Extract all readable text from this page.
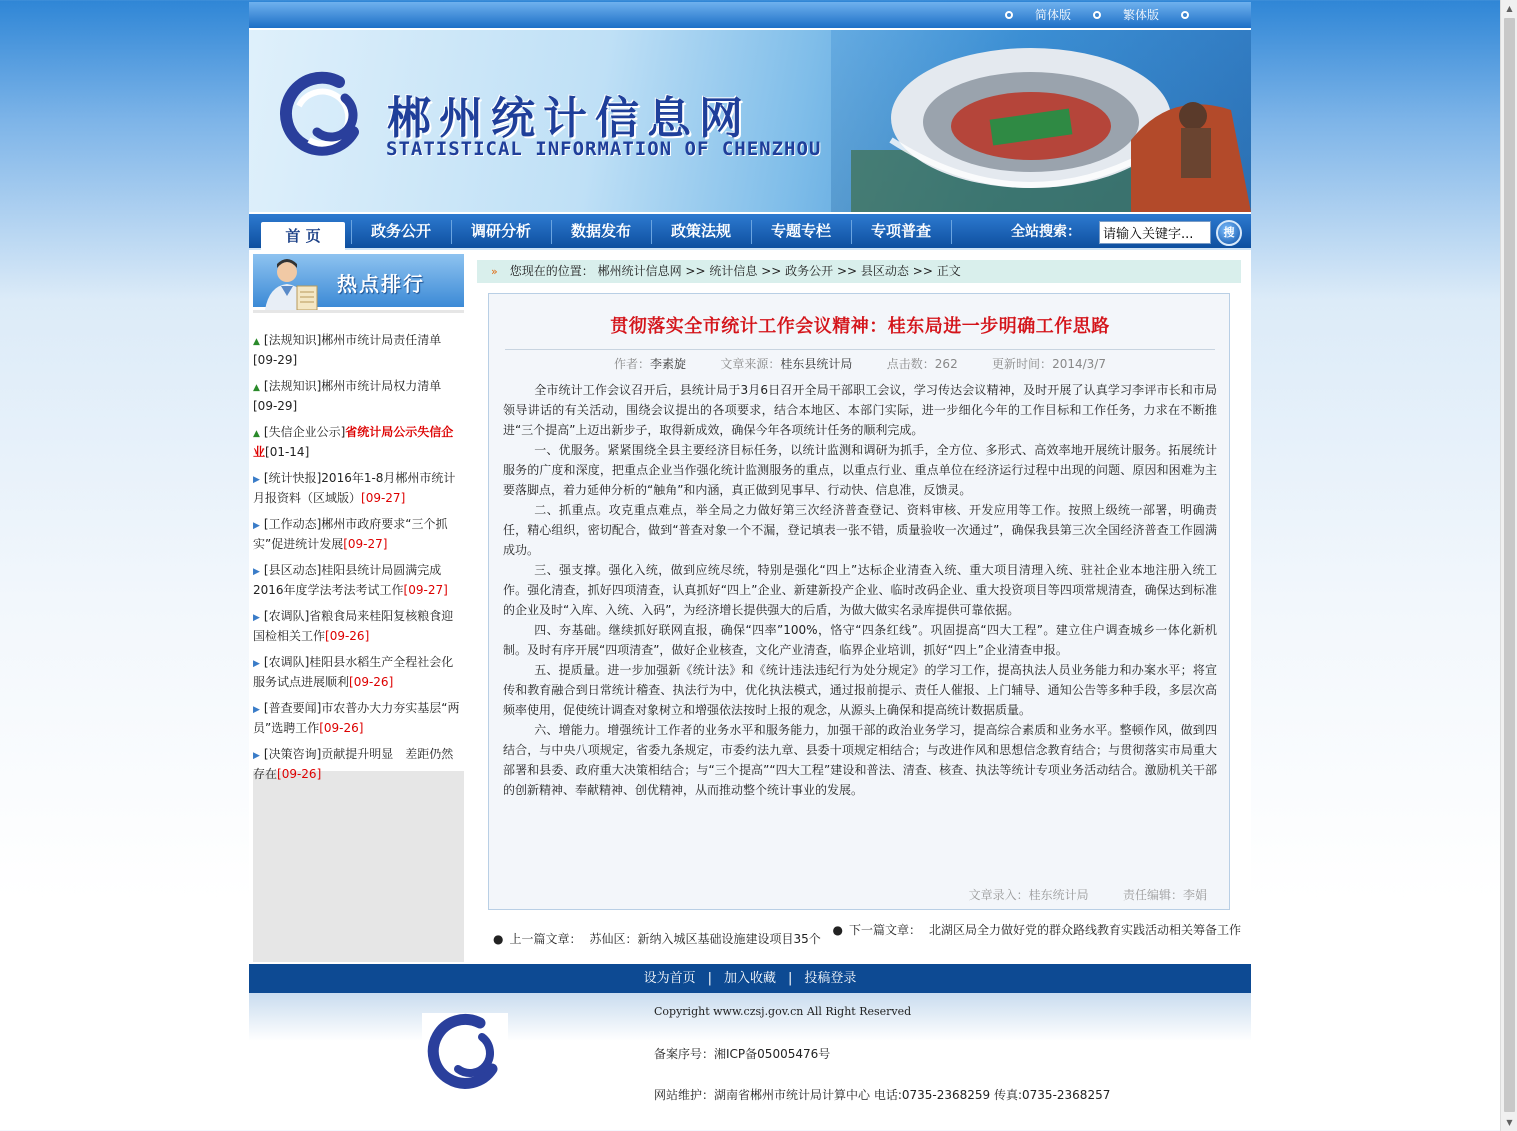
▲
▼
简体版	繁体版
郴州统计信息网
STATISTICAL INFORMATION OF CHENZHOU
首 页	政务公开	调研分析	数据发布	政策法规	专题专栏	专项普查	全站搜索：
请输入关键字...	搜
热点排行
▲ [法规知识]郴州市统计局责任清单
[09-29]
▲ [法规知识]郴州市统计局权力清单
[09-29]
▲ [失信企业公示]省统计局公示失信企业[01-14]
▶ [统计快报]2016年1-8月郴州市统计月报资料（区域版）[09-27]
▶ [工作动态]郴州市政府要求“三个抓实”促进统计发展[09-27]
▶ [县区动态]桂阳县统计局圆满完成2016年度学法考法考试工作[09-27]
▶ [农调队]省粮食局来桂阳复核粮食迎国检相关工作[09-26]
▶ [农调队]桂阳县水稻生产全程社会化服务试点进展顺利[09-26]
▶ [普查要闻]市农普办大力夯实基层“两员”选聘工作[09-26]
▶ [决策咨询]贡献提升明显　差距仍然存在[09-26]
» 您现在的位置： 郴州统计信息网 >> 统计信息 >> 政务公开 >> 县区动态 >> 正文
贯彻落实全市统计工作会议精神：桂东局进一步明确工作思路
作者：李素旋	文章来源：桂东县统计局	点击数：262	更新时间：2014/3/7

全市统计工作会议召开后，县统计局于3月6日召开全局干部职工会议，学习传达会议精神，及时开展了认真学习李评市长和市局领导讲话的有关活动，围绕会议提出的各项要求，结合本地区、本部门实际，进一步细化今年的工作目标和工作任务，力求在不断推进“三个提高”上迈出新步子，取得新成效，确保今年各项统计任务的顺利完成。

一、优服务。紧紧围绕全县主要经济目标任务，以统计监测和调研为抓手，全方位、多形式、高效率地开展统计服务。拓展统计服务的广度和深度，把重点企业当作强化统计监测服务的重点，以重点行业、重点单位在经济运行过程中出现的问题、原因和困难为主要落脚点，着力延伸分析的“触角”和内涵，真正做到见事早、行动快、信息准，反馈灵。

二、抓重点。攻克重点难点，举全局之力做好第三次经济普查登记、资料审核、开发应用等工作。按照上级统一部署，明确责任，精心组织，密切配合，做到“普查对象一个不漏，登记填表一张不错，质量验收一次通过”，确保我县第三次全国经济普查工作圆满成功。

三、强支撑。强化入统，做到应统尽统，特别是强化“四上”达标企业清查入统、重大项目清理入统、驻社企业本地注册入统工作。强化清查，抓好四项清查，认真抓好“四上”企业、新建新投产企业、临时改码企业、重大投资项目等四项常规清查，确保达到标准的企业及时“入库、入统、入码”，为经济增长提供强大的后盾，为做大做实名录库提供可靠依据。

四、夯基础。继续抓好联网直报，确保“四率”100%，恪守“四条红线”。巩固提高“四大工程”。建立住户调查城乡一体化新机制。及时有序开展“四项清查”，做好企业核查，文化产业清查，临界企业培训，抓好“四上”企业清查申报。

五、提质量。进一步加强新《统计法》和《统计违法违纪行为处分规定》的学习工作，提高执法人员业务能力和办案水平；将宣传和教育融合到日常统计稽查、执法行为中，优化执法模式，通过报前提示、责任人催报、上门辅导、通知公告等多种手段，多层次高频率使用，促使统计调查对象树立和增强依法按时上报的观念，从源头上确保和提高统计数据质量。

六、增能力。增强统计工作者的业务水平和服务能力，加强干部的政治业务学习，提高综合素质和业务水平。整顿作风，做到四结合，与中央八项规定，省委九条规定，市委约法九章、县委十项规定相结合；与改进作风和思想信念教育结合；与贯彻落实市局重大部署和县委、政府重大决策相结合；与“三个提高”“四大工程”建设和普法、清查、核查、执法等统计专项业务活动结合。激励机关干部的创新精神、奉献精神、创优精神，从而推动整个统计事业的发展。

文章录入：桂东统计局	责任编辑：李娟
● 上一篇文章： 苏仙区：新纳入城区基础设施建设项目35个
● 下一篇文章： 北湖区局全力做好党的群众路线教育实践活动相关筹备工作
设为首页 | 加入收藏 | 投稿登录
Copyright www.czsj.gov.cn All Right Reserved
备案序号：湘ICP备05005476号
网站维护：湖南省郴州市统计局计算中心 电话:0735-2368259 传真:0735-2368257
